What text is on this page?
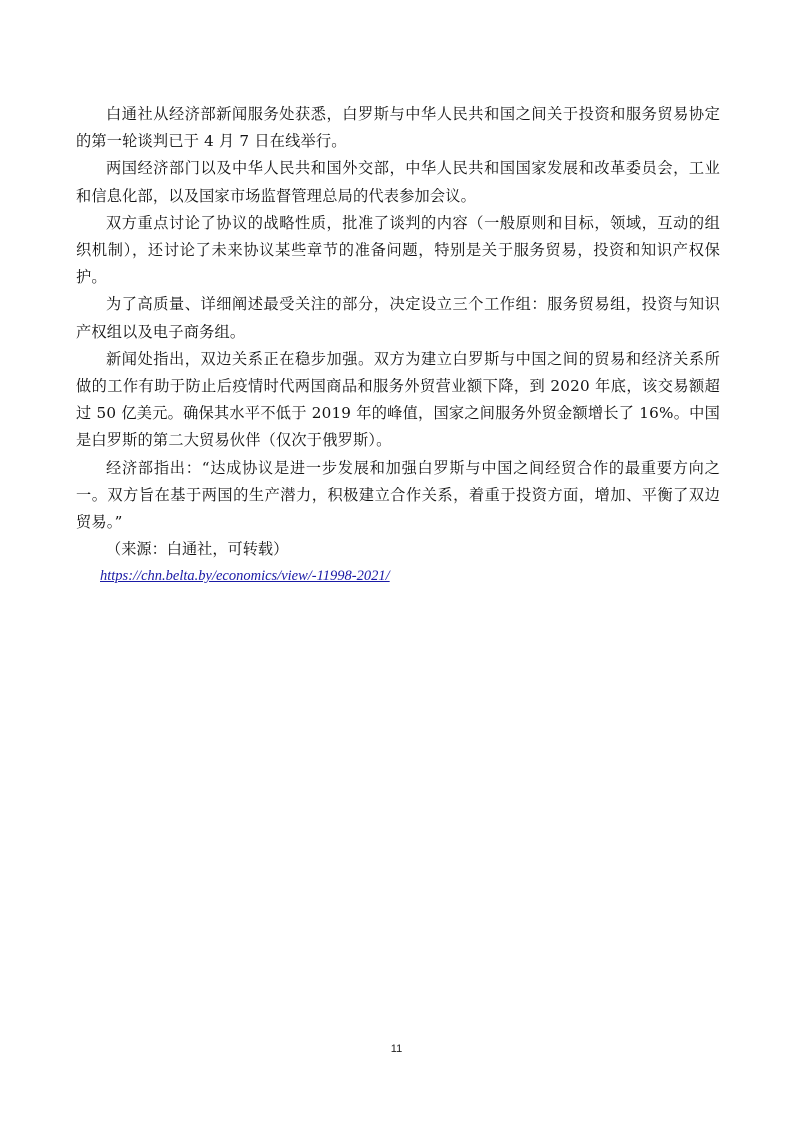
白通社从经济部新闻服务处获悉，白罗斯与中华人民共和国之间关于投资和服务贸易协定的第一轮谈判已于 4 月 7 日在线举行。

两国经济部门以及中华人民共和国外交部，中华人民共和国国家发展和改革委员会，工业和信息化部，以及国家市场监督管理总局的代表参加会议。

双方重点讨论了协议的战略性质，批准了谈判的内容（一般原则和目标，领域，互动的组织机制），还讨论了未来协议某些章节的准备问题，特别是关于服务贸易，投资和知识产权保护。

为了高质量、详细阐述最受关注的部分，决定设立三个工作组：服务贸易组，投资与知识产权组以及电子商务组。

新闻处指出，双边关系正在稳步加强。双方为建立白罗斯与中国之间的贸易和经济关系所做的工作有助于防止后疫情时代两国商品和服务外贸营业额下降，到 2020 年底，该交易额超过 50 亿美元。确保其水平不低于 2019 年的峰值，国家之间服务外贸金额增长了 16%。中国是白罗斯的第二大贸易伙伴（仅次于俄罗斯）。

经济部指出：“达成协议是进一步发展和加强白罗斯与中国之间经贸合作的最重要方向之一。双方旨在基于两国的生产潜力，积极建立合作关系，着重于投资方面，增加、平衡了双边贸易。”

（来源：白通社，可转载）

https://chn.belta.by/economics/view/-11998-2021/

11
